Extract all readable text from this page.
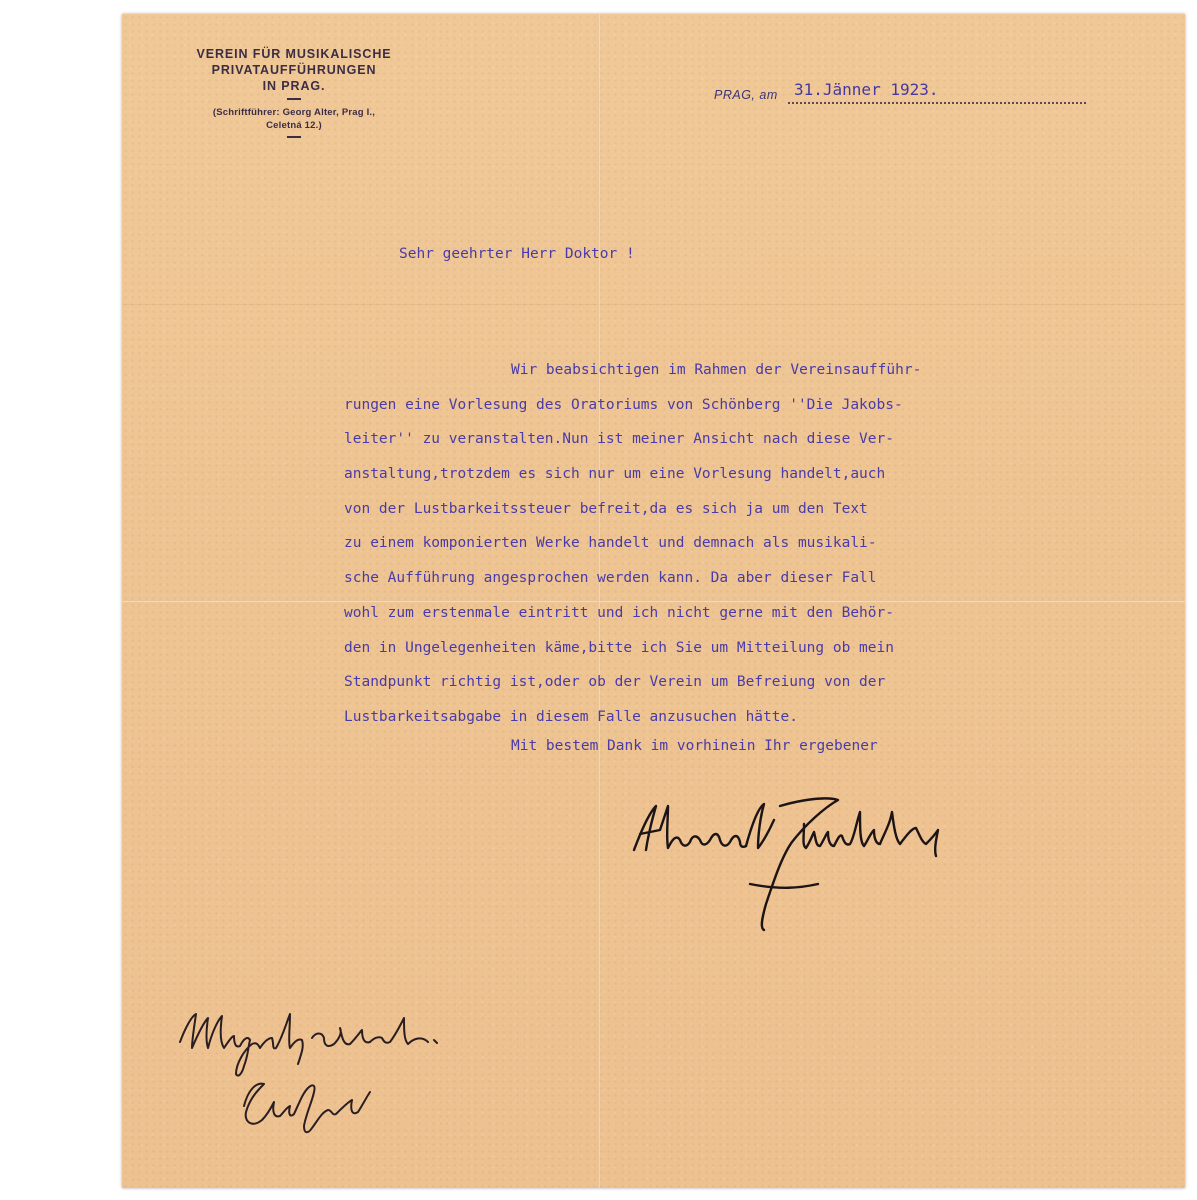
VEREIN FÜR MUSIKALISCHE
PRIVATAUFFÜHRUNGEN
IN PRAG.
(Schriftführer: Georg Alter, Prag I.,
Celetná 12.)
PRAG, am 31.Jänner 1923.
Sehr geehrter Herr Doktor !
Wir beabsichtigen im Rahmen der Vereinsaufführ-
rungen eine Vorlesung des Oratoriums von Schönberg ''Die Jakobs-
leiter'' zu veranstalten.Nun ist meiner Ansicht nach diese Ver-
anstaltung,trotzdem es sich nur um eine Vorlesung handelt,auch
von der Lustbarkeitssteuer befreit,da es sich ja um den Text
zu einem komponierten Werke handelt und demnach als musikali-
sche Aufführung angesprochen werden kann. Da aber dieser Fall
wohl zum erstenmale eintritt und ich nicht gerne mit den Behör-
den in Ungelegenheiten käme,bitte ich Sie um Mitteilung ob mein
Standpunkt richtig ist,oder ob der Verein um Befreiung von der
Lustbarkeitsabgabe in diesem Falle anzusuchen hätte.
Mit bestem Dank im vorhinein Ihr ergebener
